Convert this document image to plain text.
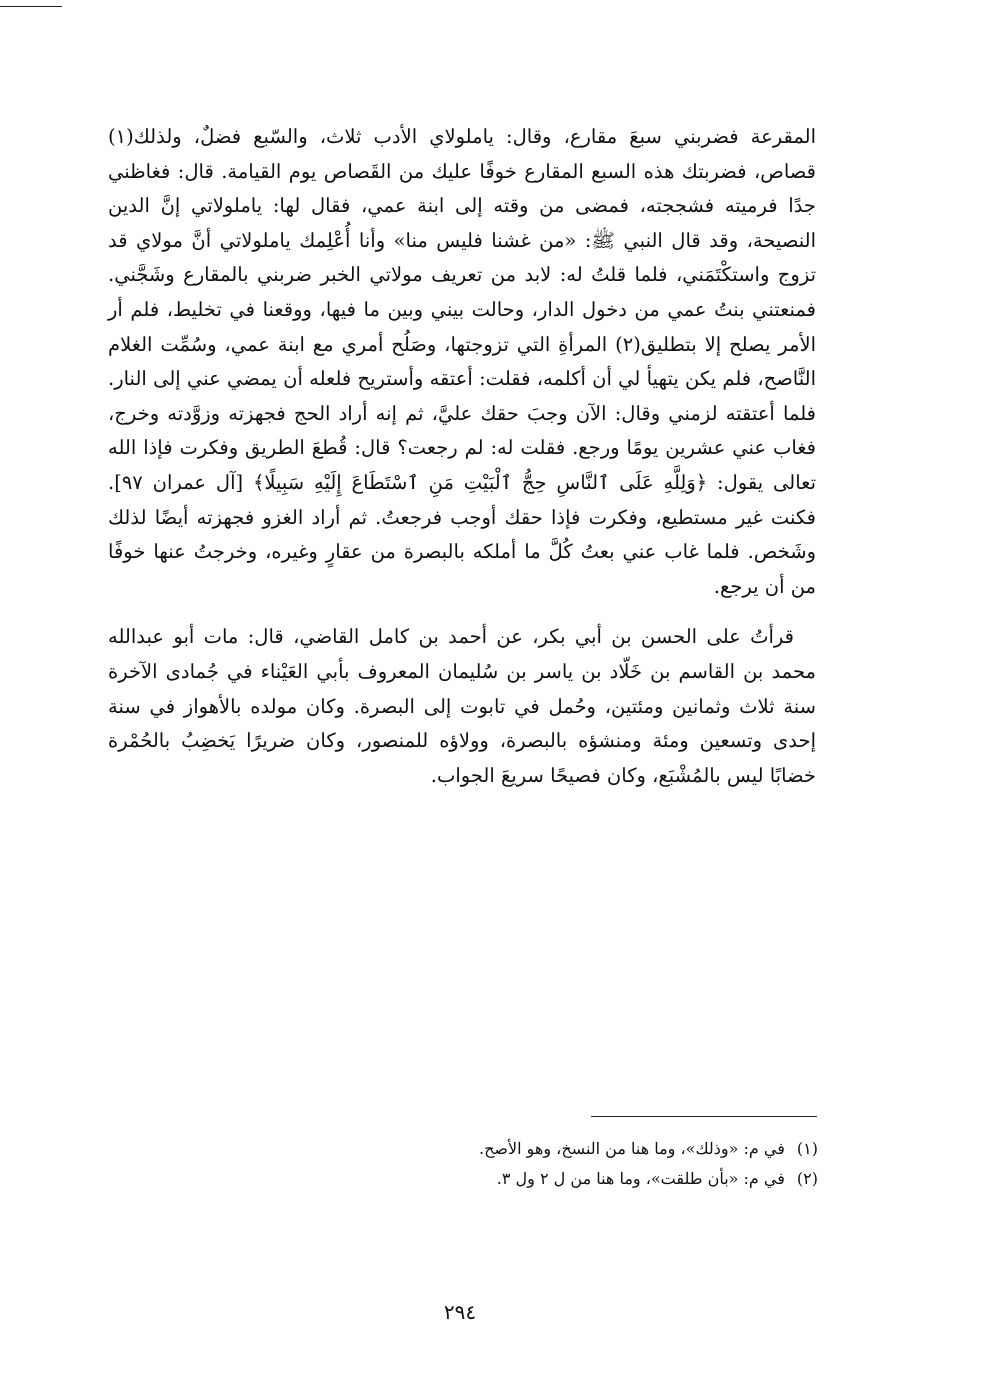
المقرعة فضربني سبعَ مقارع، وقال: ياملولاي الأدب ثلاث، والسّبع فضلٌ، ولذلك(١) قصاص، فضربتك هذه السبع المقارع خوفًا عليك من القَصاص يوم القيامة. قال: فغاظني جدًا فرميته فشججته، فمضى من وقته إلى ابنة عمي، فقال لها: ياملولاتي إنَّ الدين النصيحة، وقد قال النبي ﷺ: «من غشنا فليس منا» وأنا أُعْلِمك ياملولاتي أنَّ مولاي قد تزوج واستكْتَمَني، فلما قلتُ له: لابد من تعريف مولاتي الخبر ضربني بالمقارع وشَجَّني. فمنعتني بنتُ عمي من دخول الدار، وحالت بيني وبين ما فيها، ووقعنا في تخليط، فلم أر الأمر يصلح إلا بتطليق(٢) المرأةِ التي تزوجتها، وصَلُح أمري مع ابنة عمي، وسُمِّت الغلام النَّاصح، فلم يكن يتهيأ لي أن أكلمه، فقلت: أعتقه وأستريح فلعله أن يمضي عني إلى النار. فلما أعتقته لزمني وقال: الآن وجبَ حقك عليَّ، ثم إنه أراد الحج فجهزته وزوَّدته وخرج، فغاب عني عشرين يومًا ورجع. فقلت له: لم رجعت؟ قال: قُطعَ الطريق وفكرت فإذا الله تعالى يقول: ﴿وَلِلَّهِ عَلَى ٱلنَّاسِ حِجُّ ٱلْبَيْتِ مَنِ ٱسْتَطَاعَ إِلَيْهِ سَبِيلًا﴾ [آل عمران ٩٧]. فكنت غير مستطيع، وفكرت فإذا حقك أوجب فرجعتُ. ثم أراد الغزو فجهزته أيضًا لذلك وشَخص. فلما غاب عني بعتُ كُلَّ ما أملكه بالبصرة من عقارٍ وغيره، وخرجتُ عنها خوفًا من أن يرجع.

قرأتُ على الحسن بن أبي بكر، عن أحمد بن كامل القاضي، قال: مات أبو عبدالله محمد بن القاسم بن خَلّاد بن ياسر بن سُليمان المعروف بأبي العَيْناء في جُمادى الآخرة سنة ثلاث وثمانين ومئتين، وحُمل في تابوت إلى البصرة. وكان مولده بالأهواز في سنة إحدى وتسعين ومئة ومنشؤه بالبصرة، وولاؤه للمنصور، وكان ضريرًا يَخضِبُ بالحُمْرة خضابًا ليس بالمُشْبَع، وكان فصيحًا سريعَ الجواب.

(١)في م: «وذلك»، وما هنا من النسخ، وهو الأصح.
(٢)في م: «بأن طلقت»، وما هنا من ل ٢ ول ٣.
٢٩٤
